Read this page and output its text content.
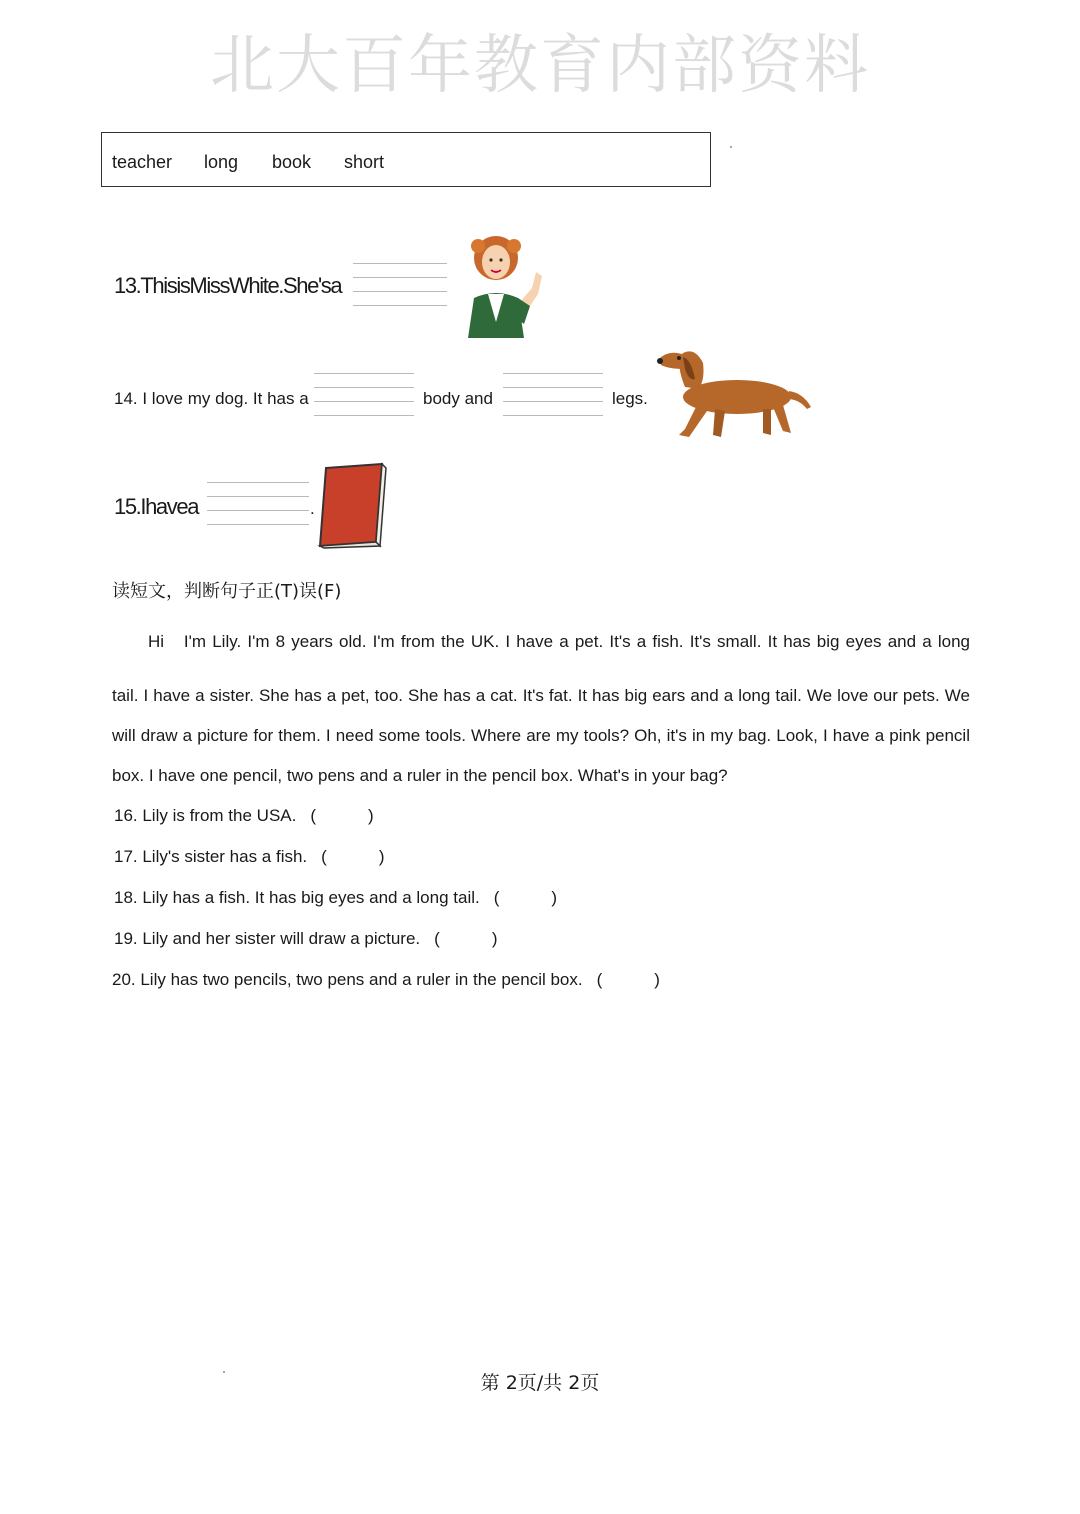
北大百年教育内部资料
teacher long book short
13.ThisisMissWhite.She'sa
14. I love my dog. It has a	body and	legs.
15.Ihavea	.
读短文，判断句子正(T)误(F)
Hi　I'm Lily. I'm 8 years old. I'm from the UK. I have a pet. It's a fish. It's small. It has big eyes and a long
tail. I have a sister. She has a pet, too. She has a cat. It's fat. It has big ears and a long tail. We love our pets. We
will draw a picture for them. I need some tools. Where are my tools? Oh, it's in my bag. Look, I have a pink pencil
box. I have one pencil, two pens and a ruler in the pencil box. What's in your bag?
16. Lily is from the USA. (	)
17. Lily's sister has a fish. (	)
18. Lily has a fish. It has big eyes and a long tail. (	)
19. Lily and her sister will draw a picture. (	)
20. Lily has two pencils, two pens and a ruler in the pencil box. (	)
第 2页/共 2页
